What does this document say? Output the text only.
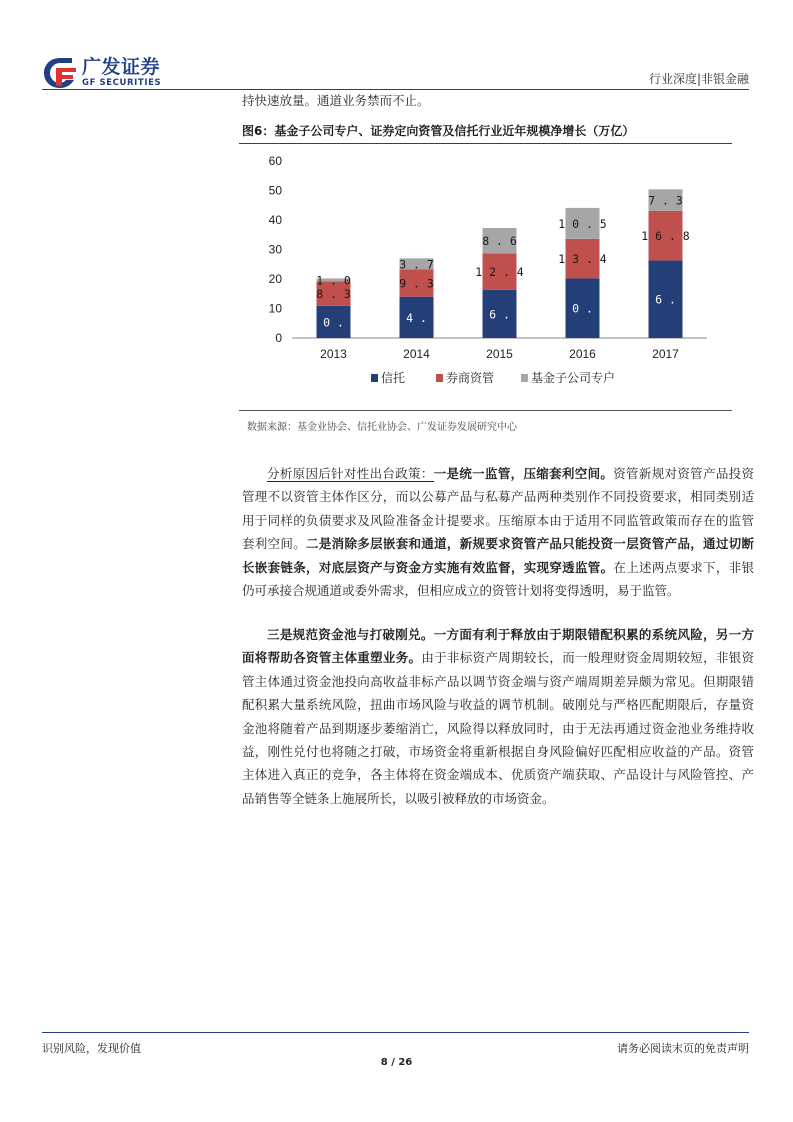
广发证券
GF SECURITIES	行业深度|非银金融
持快速放量。通道业务禁而不止。
图6：基金子公司专户、证券定向资管及信托行业近年规模净增长（万亿）
0
10
20
30
40
50
60
1 0 . 9
8 . 3
1 . 0
2013
1 4 . 0
9 . 3
3 . 7
2014
1 6 . 3
1 2 . 4
8 . 6
2015
2 0 . 2
1 3 . 4
1 0 . 5
2016
2 6 . 3
1 6 . 8
7 . 3
2017
信托	券商资管	基金子公司专户
数据来源：基金业协会、信托业协会、广发证券发展研究中心
分析原因后针对性出台政策：一是统一监管，压缩套利空间。资管新规对资管产品投资管理不以资管主体作区分，而以公募产品与私募产品两种类别作不同投资要求，相同类别适用于同样的负债要求及风险准备金计提要求。压缩原本由于适用不同监管政策而存在的监管套利空间。二是消除多层嵌套和通道，新规要求资管产品只能投资一层资管产品，通过切断长嵌套链条，对底层资产与资金方实施有效监督，实现穿透监管。在上述两点要求下，非银仍可承接合规通道或委外需求，但相应成立的资管计划将变得透明，易于监管。
三是规范资金池与打破刚兑。一方面有利于释放由于期限错配积累的系统风险，另一方面将帮助各资管主体重塑业务。由于非标资产周期较长，而一般理财资金周期较短，非银资管主体通过资金池投向高收益非标产品以调节资金端与资产端周期差异颇为常见。但期限错配积累大量系统风险，扭曲市场风险与收益的调节机制。破刚兑与严格匹配期限后，存量资金池将随着产品到期逐步萎缩消亡，风险得以释放同时，由于无法再通过资金池业务维持收益，刚性兑付也将随之打破，市场资金将重新根据自身风险偏好匹配相应收益的产品。资管主体进入真正的竞争，各主体将在资金端成本、优质资产端获取、产品设计与风险管控、产品销售等全链条上施展所长，以吸引被释放的市场资金。
识别风险，发现价值	请务必阅读末页的免责声明
8 / 26
